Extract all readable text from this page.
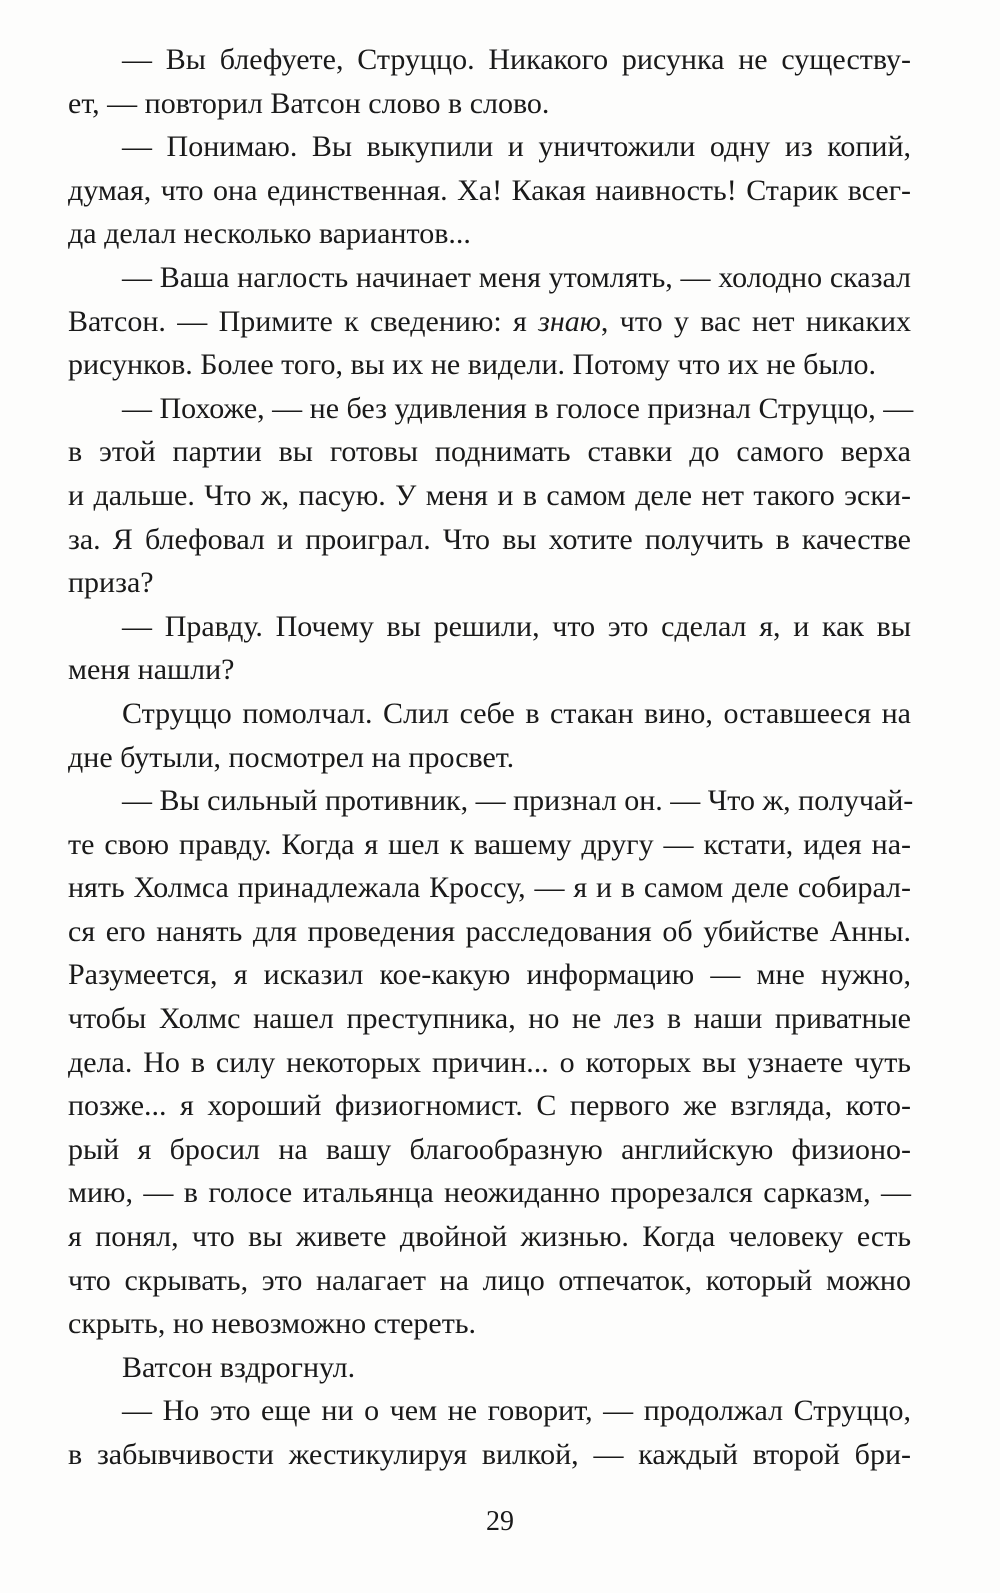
— Вы блефуете, Струццо. Никакого рисунка не существу-
ет, — повторил Ватсон слово в слово.
— Понимаю. Вы выкупили и уничтожили одну из копий,
думая, что она единственная. Ха! Какая наивность! Старик всег-
да делал несколько вариантов...
— Ваша наглость начинает меня утомлять, — холодно сказал
Ватсон. — Примите к сведению: я знаю, что у вас нет никаких
рисунков. Более того, вы их не видели. Потому что их не было.
— Похоже, — не без удивления в голосе признал Струццо, —
в этой партии вы готовы поднимать ставки до самого верха
и дальше. Что ж, пасую. У меня и в самом деле нет такого эски-
за. Я блефовал и проиграл. Что вы хотите получить в качестве
приза?
— Правду. Почему вы решили, что это сделал я, и как вы
меня нашли?
Струццо помолчал. Слил себе в стакан вино, оставшееся на
дне бутыли, посмотрел на просвет.
— Вы сильный противник, — признал он. — Что ж, получай-
те свою правду. Когда я шел к вашему другу — кстати, идея на-
нять Холмса принадлежала Кроссу, — я и в самом деле собирал-
ся его нанять для проведения расследования об убийстве Анны.
Разумеется, я исказил кое-какую информацию — мне нужно,
чтобы Холмс нашел преступника, но не лез в наши приватные
дела. Но в силу некоторых причин... о которых вы узнаете чуть
позже... я хороший физиогномист. С первого же взгляда, кото-
рый я бросил на вашу благообразную английскую физионо-
мию, — в голосе итальянца неожиданно прорезался сарказм, —
я понял, что вы живете двойной жизнью. Когда человеку есть
что скрывать, это налагает на лицо отпечаток, который можно
скрыть, но невозможно стереть.
Ватсон вздрогнул.
— Но это еще ни о чем не говорит, — продолжал Струццо,
в забывчивости жестикулируя вилкой, — каждый второй бри-
29
